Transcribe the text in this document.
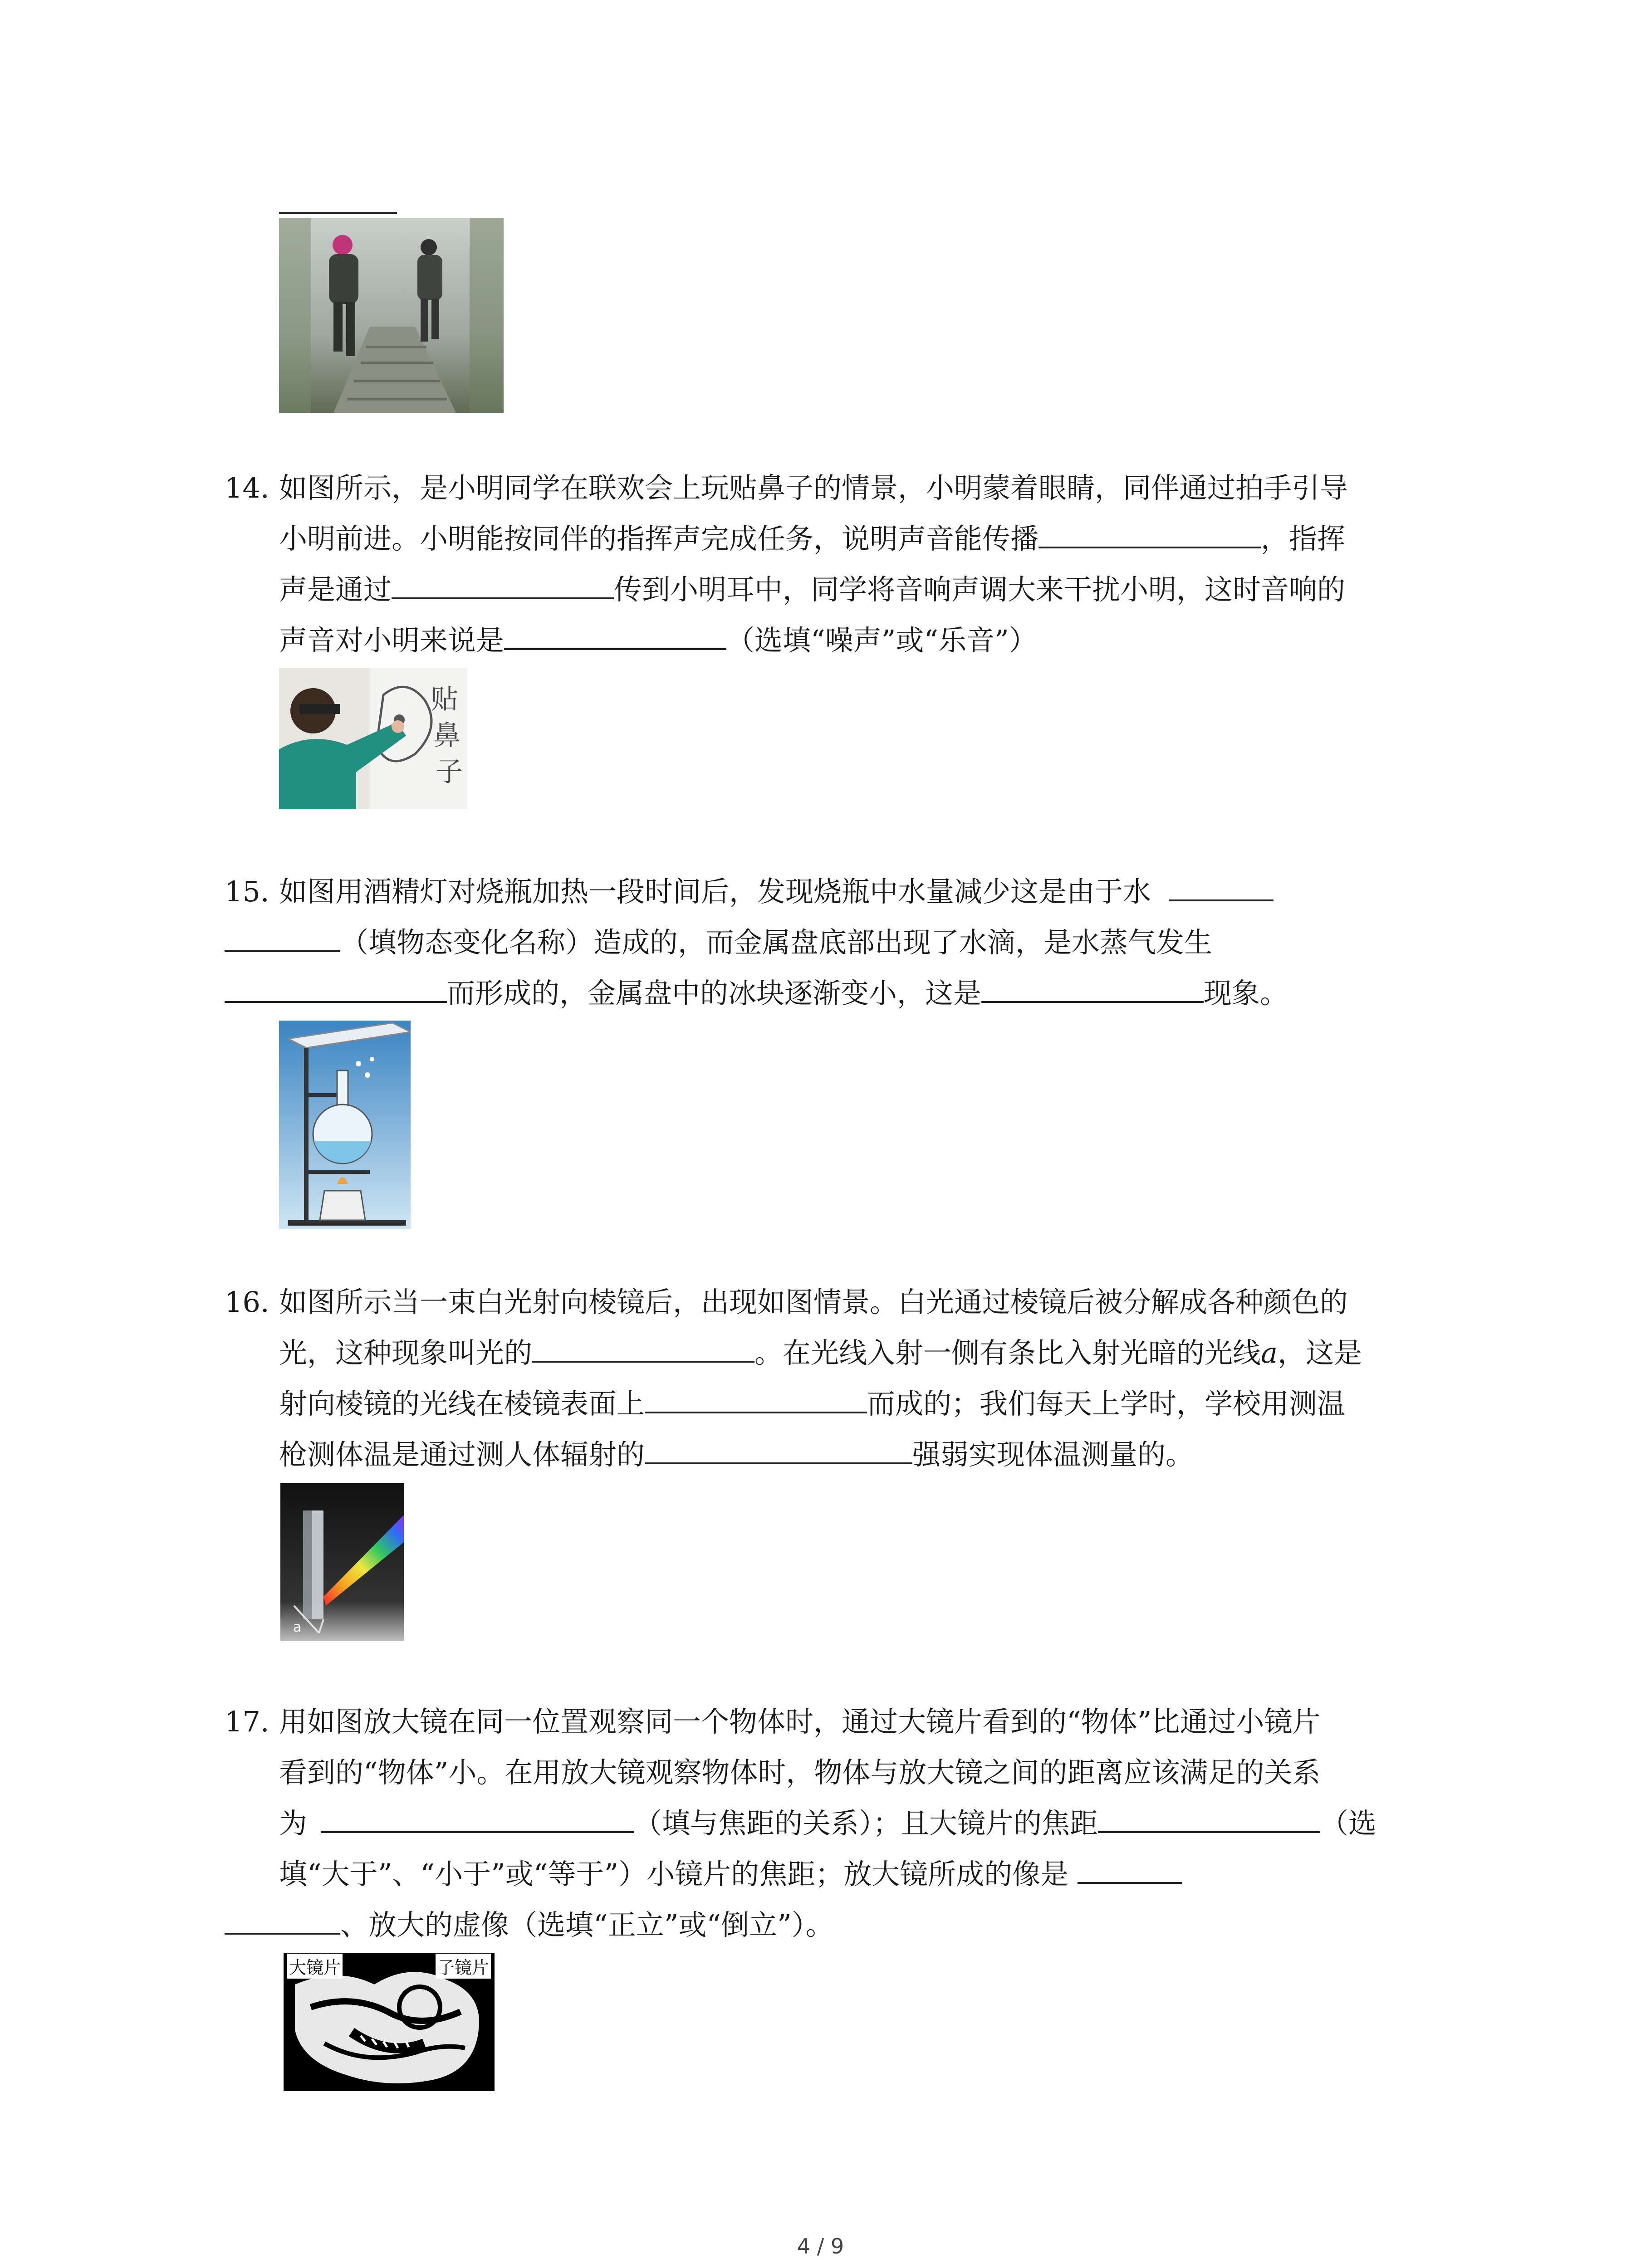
14. 如图所示，是小明同学在联欢会上玩贴鼻子的情景，小明蒙着眼睛，同伴通过拍手引导
小明前进。小明能按同伴的指挥声完成任务，说明声音能传播	，指挥
声是通过	传到小明耳中，同学将音响声调大来干扰小明，这时音响的
声音对小明来说是	（选填“噪声”或“乐音”）
贴
鼻
子
15. 如图用酒精灯对烧瓶加热一段时间后，发现烧瓶中水量减少这是由于水
（填物态变化名称）造成的，而金属盘底部出现了水滴，是水蒸气发生
而形成的，金属盘中的冰块逐渐变小，这是	现象。
16. 如图所示当一束白光射向棱镜后，出现如图情景。白光通过棱镜后被分解成各种颜色的
光，这种现象叫光的	。在光线入射一侧有条比入射光暗的光线a，这是
射向棱镜的光线在棱镜表面上	而成的；我们每天上学时，学校用测温
枪测体温是通过测人体辐射的	强弱实现体温测量的。
a
17. 用如图放大镜在同一位置观察同一个物体时，通过大镜片看到的“物体”比通过小镜片
看到的“物体”小。在用放大镜观察物体时，物体与放大镜之间的距离应该满足的关系
为	（填与焦距的关系）；且大镜片的焦距	（选
填“大于”、“小于”或“等于”）小镜片的焦距；放大镜所成的像是
、放大的虚像（选填“正立”或“倒立”）。
大镜片	子镜片
4 / 9
